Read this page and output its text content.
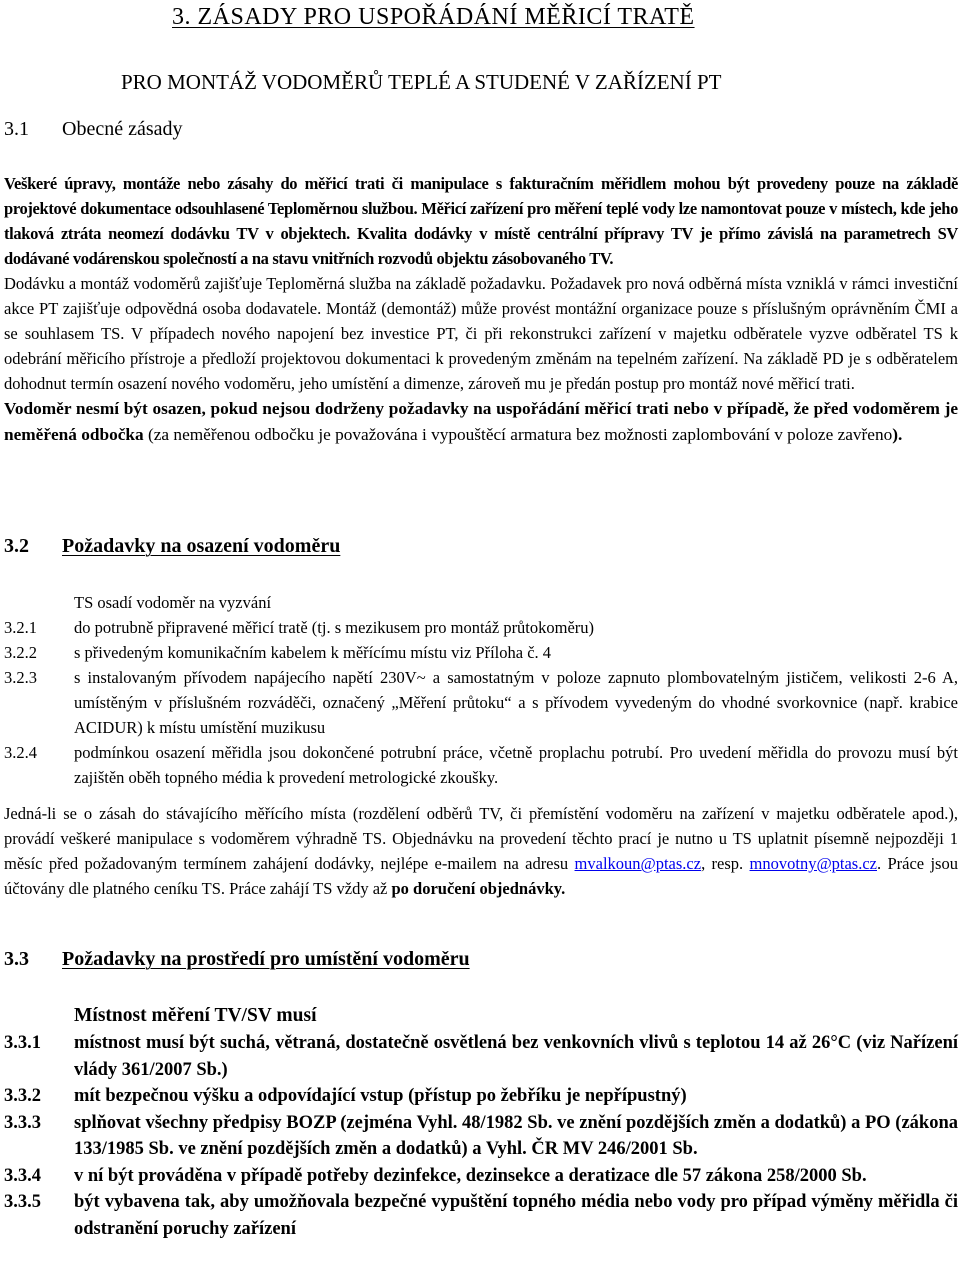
3. ZÁSADY PRO USPOŘÁDÁNÍ MĚŘICÍ TRATĚ
PRO MONTÁŽ VODOMĚRŮ TEPLÉ A STUDENÉ V ZAŘÍZENÍ PT
3.1 Obecné zásady

Veškeré úpravy, montáže nebo zásahy do měřicí trati či manipulace s fakturačním měřidlem mohou být provedeny pouze na základě projektové dokumentace odsouhlasené Teploměrnou službou. Měřicí zařízení pro měření teplé vody lze namontovat pouze v místech, kde jeho tlaková ztráta neomezí dodávku TV v objektech. Kvalita dodávky v místě centrální přípravy TV je přímo závislá na parametrech SV dodávané vodárenskou společností a na stavu vnitřních rozvodů objektu zásobovaného TV.

Dodávku a montáž vodoměrů zajišťuje Teploměrná služba na základě požadavku. Požadavek pro nová odběrná místa vzniklá v rámci investiční akce PT zajišťuje odpovědná osoba dodavatele. Montáž (demontáž) může provést montážní organizace pouze s příslušným oprávněním ČMI a se souhlasem TS. V případech nového napojení bez investice PT, či při rekonstrukci zařízení v majetku odběratele vyzve odběratel TS k odebrání měřicího přístroje a předloží projektovou dokumentaci k provedeným změnám na tepelném zařízení. Na základě PD je s odběratelem dohodnut termín osazení nového vodoměru, jeho umístění a dimenze, zároveň mu je předán postup pro montáž nové měřicí trati.

Vodoměr nesmí být osazen, pokud nejsou dodrženy požadavky na uspořádání měřicí trati nebo v případě, že před vodoměrem je neměřená odbočka (za neměřenou odbočku je považována i vypouštěcí armatura bez možnosti zaplombování v poloze zavřeno).

3.2 Požadavky na osazení vodoměru

TS osadí vodoměr na vyzvání

3.2.1	do potrubně připravené měřicí tratě (tj. s mezikusem pro montáž průtokoměru)
3.2.2	s přivedeným komunikačním kabelem k měřícímu místu viz Příloha č. 4
3.2.3	s instalovaným přívodem napájecího napětí 230V~ a samostatným v poloze zapnuto plombovatelným jističem, velikosti 2-6 A, umístěným v příslušném rozváděči, označený „Měření průtoku“ a s přívodem vyvedeným do vhodné svorkovnice (např. krabice ACIDUR) k místu umístění muzikusu
3.2.4	podmínkou osazení měřidla jsou dokončené potrubní práce, včetně proplachu potrubí. Pro uvedení měřidla do provozu musí být zajištěn oběh topného média k provedení metrologické zkoušky.

Jedná-li se o zásah do stávajícího měřícího místa (rozdělení odběrů TV, či přemístění vodoměru na zařízení v majetku odběratele apod.), provádí veškeré manipulace s vodoměrem výhradně TS. Objednávku na provedení těchto prací je nutno u TS uplatnit písemně nejpozději 1 měsíc před požadovaným termínem zahájení dodávky, nejlépe e-mailem na adresu mvalkoun@ptas.cz, resp. mnovotny@ptas.cz. Práce jsou účtovány dle platného ceníku TS. Práce zahájí TS vždy až po doručení objednávky.

3.3 Požadavky na prostředí pro umístění vodoměru

Místnost měření TV/SV musí

3.3.1	místnost musí být suchá, větraná, dostatečně osvětlená bez venkovních vlivů s teplotou 14 až 26°C (viz Nařízení vlády 361/2007 Sb.)
3.3.2	mít bezpečnou výšku a odpovídající vstup (přístup po žebříku je nepřípustný)
3.3.3	splňovat všechny předpisy BOZP (zejména Vyhl. 48/1982 Sb. ve znění pozdějších změn a dodatků) a PO (zákona 133/1985 Sb. ve znění pozdějších změn a dodatků) a Vyhl. ČR MV 246/2001 Sb.
3.3.4	v ní být prováděna v případě potřeby dezinfekce, dezinsekce a deratizace dle 57 zákona 258/2000 Sb.
3.3.5	být vybavena tak, aby umožňovala bezpečné vypuštění topného média nebo vody pro případ výměny měřidla či odstranění poruchy zařízení
